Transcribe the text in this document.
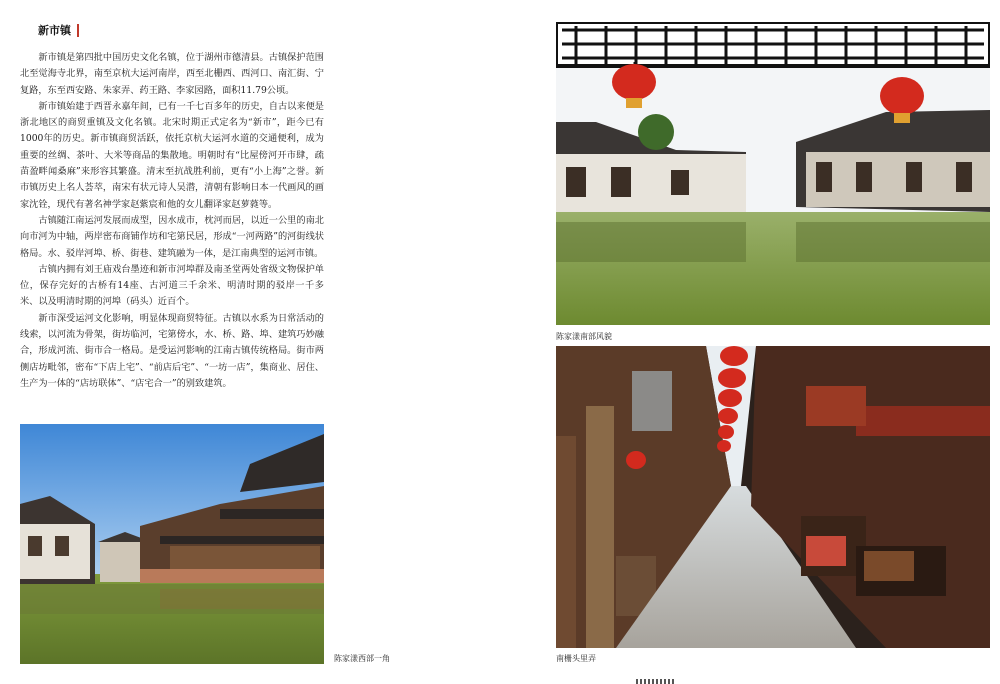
新市镇

新市镇是第四批中国历史文化名镇，位于湖州市德清县。古镇保护范围北至觉海寺北界，南至京杭大运河南岸，西至北栅西、西河口、南汇街、宁复路，东至西安路、朱家弄、药王路、李家园路，面积11.79公顷。

新市镇始建于西晋永嘉年间，已有一千七百多年的历史，自古以来便是浙北地区的商贸重镇及文化名镇。北宋时期正式定名为“新市”，距今已有1000年的历史。新市镇商贸活跃，依托京杭大运河水道的交通便利，成为重要的丝绸、茶叶、大米等商品的集散地。明朝时有“比屋傍河开市肆，疏苗盈畔闻桑麻”来形容其繁盛。清末至抗战胜利前，更有“小上海”之誉。新市镇历史上名人荟萃，南宋有状元诗人吴潜，清朝有影响日本一代画风的画家沈铨，现代有著名神学家赵紫宸和他的女儿翻译家赵萝蕤等。

古镇随江南运河发展而成型，因水成市，枕河而居，以近一公里的南北向市河为中轴，两岸密布商铺作坊和宅第民居，形成“一河两路”的河街线状格局。水、驳岸河埠、桥、街巷、建筑融为一体，是江南典型的运河市镇。

古镇内拥有刘王庙戏台墨迹和新市河埠群及南圣堂两处省级文物保护单位，保存完好的古桥有14座、古河道三千余米、明清时期的驳岸一千多米、以及明清时期的河埠（码头）近百个。

新市深受运河文化影响，明显体现商贸特征。古镇以水系为日常活动的线索，以河流为骨架，街坊临河，宅第傍水，水、桥、路、埠、建筑巧妙融合，形成河流、街市合一格局。是受运河影响的江南古镇传统格局。街市两侧店坊毗邻，密布“下店上宅”、“前店后宅”、“一坊一店”，集商业、居住、生产为一体的“店坊联体”、“店宅合一”的别致建筑。

陈家漾西部一角
陈家漾南部风貌
南栅头里弄
